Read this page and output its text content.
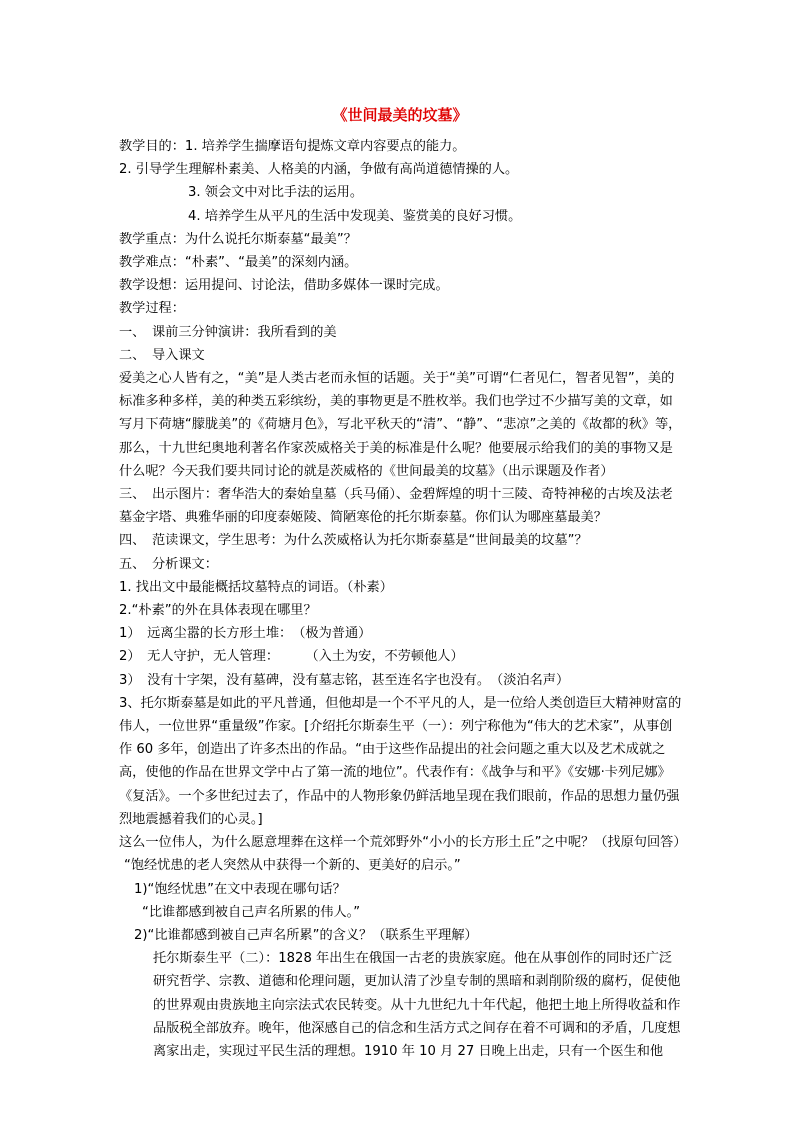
《世间最美的坟墓》

教学目的：1. 培养学生揣摩语句提炼文章内容要点的能力。

2. 引导学生理解朴素美、人格美的内涵，争做有高尚道德情操的人。

3. 领会文中对比手法的运用。

4. 培养学生从平凡的生活中发现美、鉴赏美的良好习惯。

教学重点：为什么说托尔斯泰墓“最美”？

教学难点：“朴素”、“最美”的深刻内涵。

教学设想：运用提问、讨论法，借助多媒体一课时完成。

教学过程：

一、　课前三分钟演讲：我所看到的美

二、　导入课文

爱美之心人皆有之，“美”是人类古老而永恒的话题。关于“美”可谓“仁者见仁，智者见智”，美的标准多种多样，美的种类五彩缤纷，美的事物更是不胜枚举。我们也学过不少描写美的文章，如写月下荷塘“朦胧美”的《荷塘月色》，写北平秋天的“清”、“静”、“悲凉”之美的《故都的秋》等，那么，十九世纪奥地利著名作家茨威格关于美的标准是什么呢？他要展示给我们的美的事物又是什么呢？今天我们要共同讨论的就是茨威格的《世间最美的坟墓》（出示课题及作者）

三、　出示图片：奢华浩大的秦始皇墓（兵马俑）、金碧辉煌的明十三陵、奇特神秘的古埃及法老墓金字塔、典雅华丽的印度泰姬陵、简陋寒伧的托尔斯泰墓。你们认为哪座墓最美？

四、　范读课文，学生思考：为什么茨威格认为托尔斯泰墓是“世间最美的坟墓”？

五、　分析课文：

1. 找出文中最能概括坟墓特点的词语。（朴素）

2.“朴素”的外在具体表现在哪里？

1）　远离尘嚣的长方形土堆：　（极为普通）

2）　无人守护，无人管理：　　　（入土为安，不劳顿他人）

3）　没有十字架，没有墓碑，没有墓志铭，甚至连名字也没有。　（淡泊名声）

3、托尔斯泰墓是如此的平凡普通，但他却是一个不平凡的人，是一位给人类创造巨大精神财富的伟人，一位世界“重量级”作家。[介绍托尔斯泰生平（一）：列宁称他为“伟大的艺术家”，从事创作 60 多年，创造出了许多杰出的作品。“由于这些作品提出的社会问题之重大以及艺术成就之高，使他的作品在世界文学中占了第一流的地位”。代表作有：《战争与和平》《安娜·卡列尼娜》《复活》。一个多世纪过去了，作品中的人物形象仍鲜活地呈现在我们眼前，作品的思想力量仍强烈地震撼着我们的心灵。]

这么一位伟人，为什么愿意埋葬在这样一个荒郊野外“小小的长方形土丘”之中呢？（找原句回答）

“饱经忧患的老人突然从中获得一个新的、更美好的启示。”

1)“饱经忧患”在文中表现在哪句话？

“比谁都感到被自己声名所累的伟人。”

2)“比谁都感到被自己声名所累”的含义？（联系生平理解）

托尔斯泰生平（二）：1828 年出生在俄国一古老的贵族家庭。他在从事创作的同时还广泛研究哲学、宗教、道德和伦理问题，更加认清了沙皇专制的黑暗和剥削阶级的腐朽，促使他的世界观由贵族地主向宗法式农民转变。从十九世纪九十年代起，他把土地上所得收益和作品版税全部放弃。晚年，他深感自己的信念和生活方式之间存在着不可调和的矛盾，几度想离家出走，实现过平民生活的理想。1910 年 10 月 27 日晚上出走，只有一个医生和他
